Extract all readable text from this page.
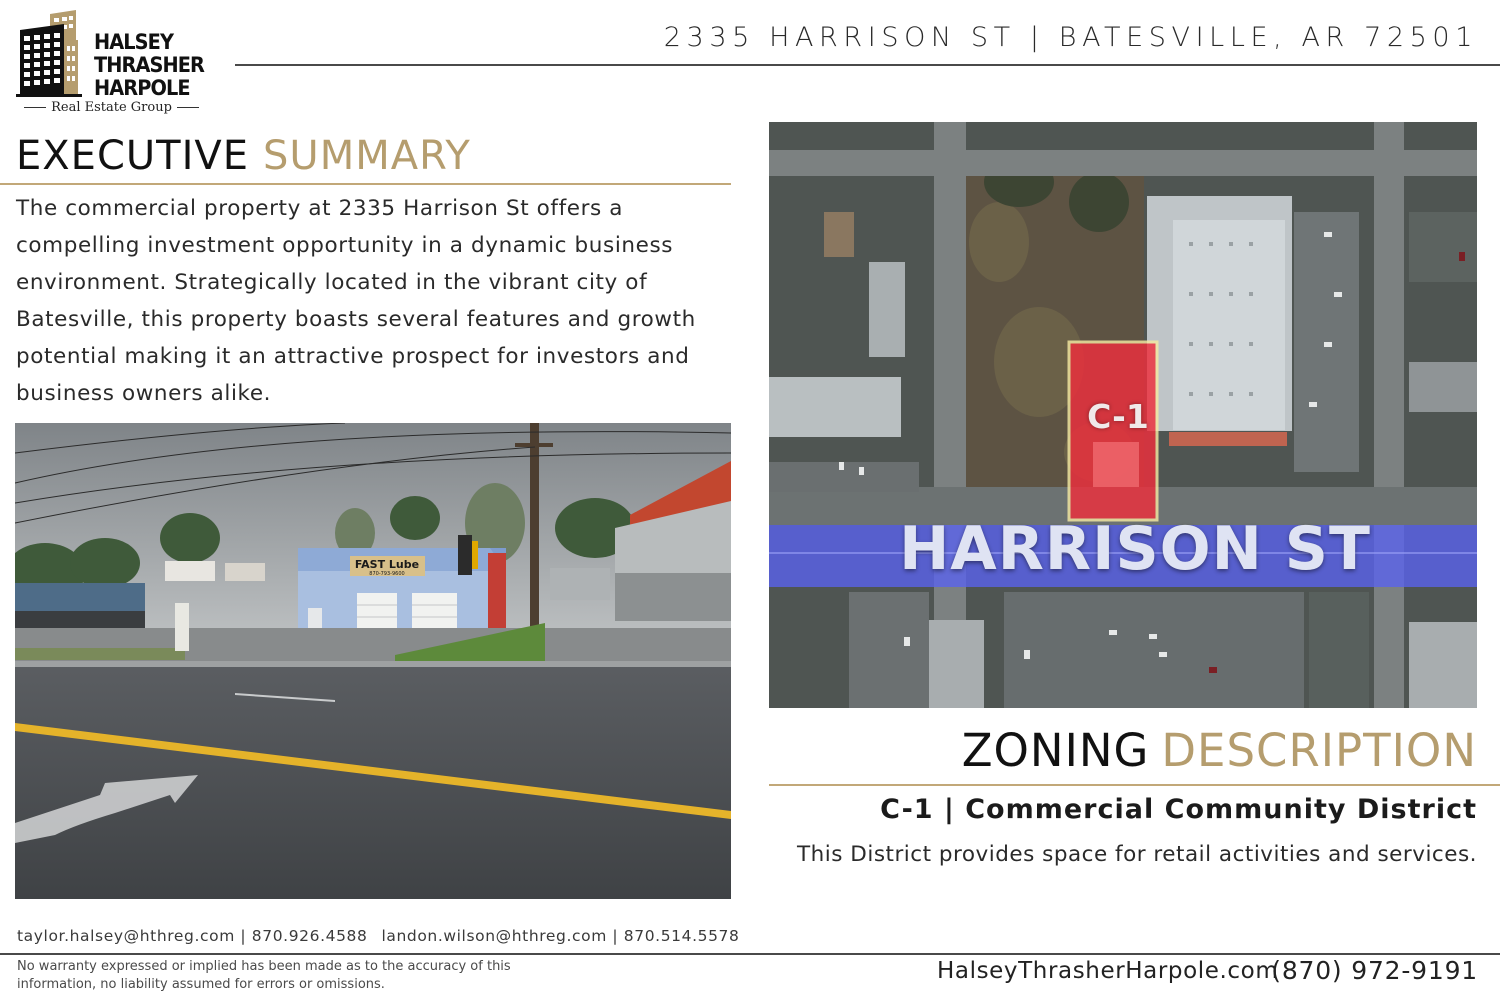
HALSEY
THRASHER
HARPOLE
Real Estate Group
2335 HARRISON ST | BATESVILLE, AR 72501
EXECUTIVE SUMMARY

The commercial property at 2335 Harrison St offers a compelling investment opportunity in a dynamic business environment. Strategically located in the vibrant city of Batesville, this property boasts several features and growth potential making it an attractive prospect for investors and business owners alike.

FAST Lube
870-793-9600
C-1
HARRISON ST
ZONING DESCRIPTION
C-1 | Commercial Community District
This District provides space for retail activities and services.
taylor.halsey@hthreg.com | 870.926.4588 landon.wilson@hthreg.com | 870.514.5578

No warranty expressed or implied has been made as to the accuracy of this information, no liability assumed for errors or omissions.

HalseyThrasherHarpole.com
(870) 972-9191
